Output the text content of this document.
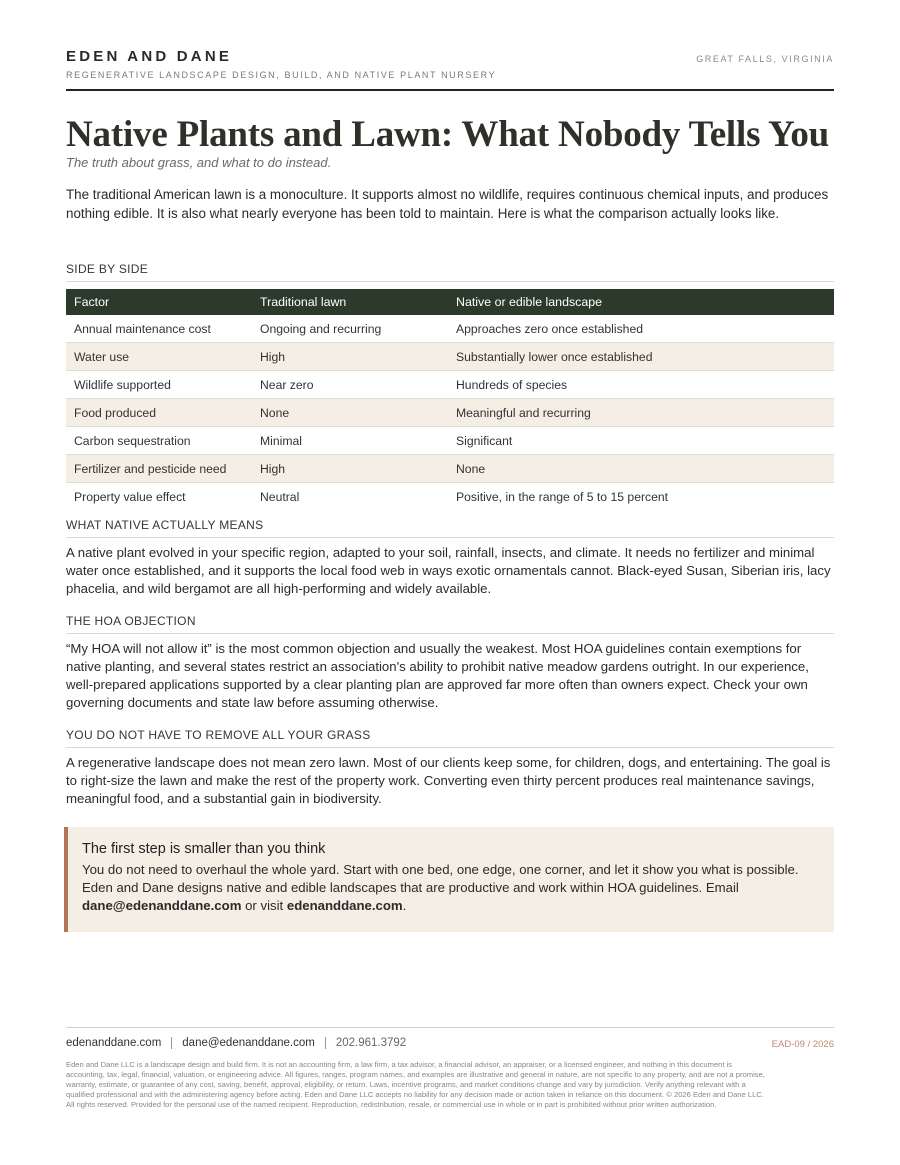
EDEN AND DANE
REGENERATIVE LANDSCAPE DESIGN, BUILD, AND NATIVE PLANT NURSERY
GREAT FALLS, VIRGINIA
Native Plants and Lawn: What Nobody Tells You
The truth about grass, and what to do instead.

The traditional American lawn is a monoculture. It supports almost no wildlife, requires continuous chemical inputs, and produces nothing edible. It is also what nearly everyone has been told to maintain. Here is what the comparison actually looks like.

SIDE BY SIDE
Factor	Traditional lawn	Native or edible landscape
Annual maintenance cost	Ongoing and recurring	Approaches zero once established
Water use	High	Substantially lower once established
Wildlife supported	Near zero	Hundreds of species
Food produced	None	Meaningful and recurring
Carbon sequestration	Minimal	Significant
Fertilizer and pesticide need	High	None
Property value effect	Neutral	Positive, in the range of 5 to 15 percent
WHAT NATIVE ACTUALLY MEANS

A native plant evolved in your specific region, adapted to your soil, rainfall, insects, and climate. It needs no fertilizer and minimal water once established, and it supports the local food web in ways exotic ornamentals cannot. Black-eyed Susan, Siberian iris, lacy phacelia, and wild bergamot are all high-performing and widely available.

THE HOA OBJECTION

“My HOA will not allow it” is the most common objection and usually the weakest. Most HOA guidelines contain exemptions for native planting, and several states restrict an association's ability to prohibit native meadow gardens outright. In our experience, well-prepared applications supported by a clear planting plan are approved far more often than owners expect. Check your own governing documents and state law before assuming otherwise.

YOU DO NOT HAVE TO REMOVE ALL YOUR GRASS

A regenerative landscape does not mean zero lawn. Most of our clients keep some, for children, dogs, and entertaining. The goal is to right-size the lawn and make the rest of the property work. Converting even thirty percent produces real maintenance savings, meaningful food, and a substantial gain in biodiversity.

The first step is smaller than you think

You do not need to overhaul the whole yard. Start with one bed, one edge, one corner, and let it show you what is possible. Eden and Dane designs native and edible landscapes that are productive and work within HOA guidelines. Email dane@edenanddane.com or visit edenanddane.com.

edenanddane.com dane@edenanddane.com 202.961.3792	EAD-09 / 2026
Eden and Dane LLC is a landscape design and build firm. It is not an accounting firm, a law firm, a tax advisor, a financial advisor, an appraiser, or a licensed engineer, and nothing in this document is accounting, tax, legal, financial, valuation, or engineering advice. All figures, ranges, program names, and examples are illustrative and general in nature, are not specific to any property, and are not a promise, warranty, estimate, or guarantee of any cost, saving, benefit, approval, eligibility, or return. Laws, incentive programs, and market conditions change and vary by jurisdiction. Verify anything relevant with a qualified professional and with the administering agency before acting. Eden and Dane LLC accepts no liability for any decision made or action taken in reliance on this document. © 2026 Eden and Dane LLC. All rights reserved. Provided for the personal use of the named recipient. Reproduction, redistribution, resale, or commercial use in whole or in part is prohibited without prior written authorization.
